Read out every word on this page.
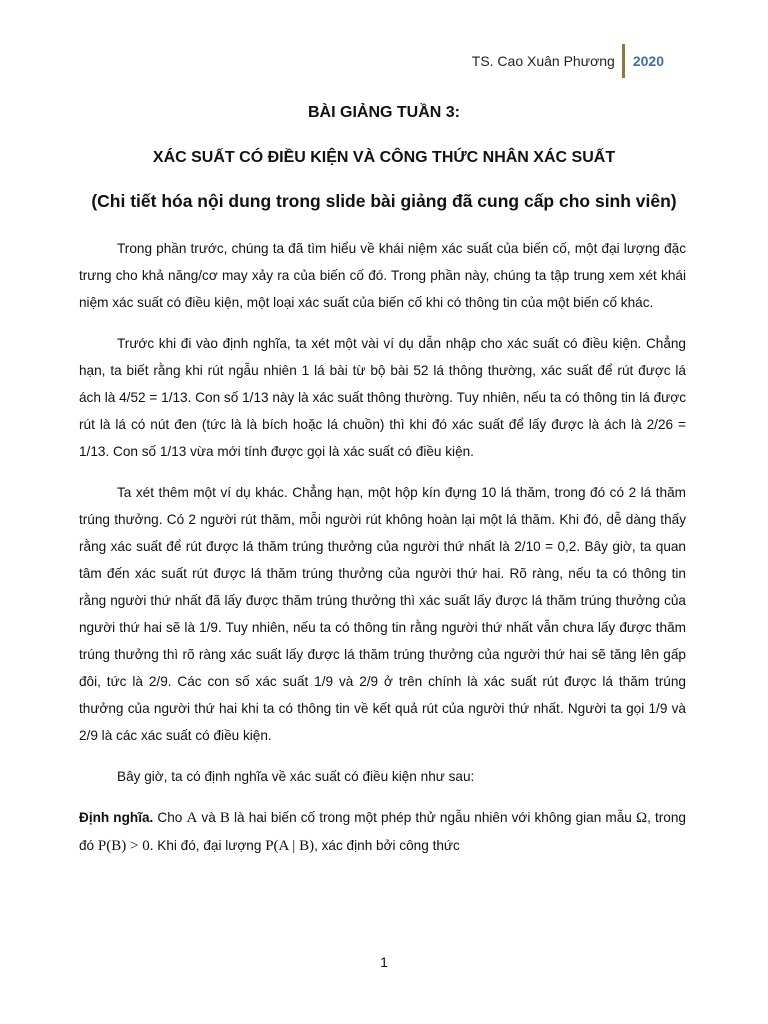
TS. Cao Xuân Phương	2020
BÀI GIẢNG TUẦN 3:
XÁC SUẤT CÓ ĐIỀU KIỆN VÀ CÔNG THỨC NHÂN XÁC SUẤT
(Chi tiết hóa nội dung trong slide bài giảng đã cung cấp cho sinh viên)

Trong phần trước, chúng ta đã tìm hiểu về khái niệm xác suất của biến cố, một đại lượng đặc trưng cho khả năng/cơ may xảy ra của biến cố đó. Trong phần này, chúng ta tập trung xem xét khái niệm xác suất có điều kiện, một loại xác suất của biến cố khi có thông tin của một biến cố khác.

Trước khi đi vào định nghĩa, ta xét một vài ví dụ dẫn nhập cho xác suất có điều kiện. Chẳng hạn, ta biết rằng khi rút ngẫu nhiên 1 lá bài từ bộ bài 52 lá thông thường, xác suất để rút được lá ách là 4/52 = 1/13. Con số 1/13 này là xác suất thông thường. Tuy nhiên, nếu ta có thông tin lá được rút là lá có nút đen (tức là là bích hoặc lá chuồn) thì khi đó xác suất để lấy được là ách là 2/26 = 1/13. Con số 1/13 vừa mới tính được gọi là xác suất có điều kiện.

Ta xét thêm một ví dụ khác. Chẳng hạn, một hộp kín đựng 10 lá thăm, trong đó có 2 lá thăm trúng thưởng. Có 2 người rút thăm, mỗi người rút không hoàn lại một lá thăm. Khi đó, dễ dàng thấy rằng xác suất để rút được lá thăm trúng thưởng của người thứ nhất là 2/10 = 0,2. Bây giờ, ta quan tâm đến xác suất rút được lá thăm trúng thưởng của người thứ hai. Rõ ràng, nếu ta có thông tin rằng người thứ nhất đã lấy được thăm trúng thưởng thì xác suất lấy được lá thăm trúng thưởng của người thứ hai sẽ là 1/9. Tuy nhiên, nếu ta có thông tin rằng người thứ nhất vẫn chưa lấy được thăm trúng thưởng thì rõ ràng xác suất lấy được lá thăm trúng thưởng của người thứ hai sẽ tăng lên gấp đôi, tức là 2/9. Các con số xác suất 1/9 và 2/9 ở trên chính là xác suất rút được lá thăm trúng thưởng của người thứ hai khi ta có thông tin về kết quả rút của người thứ nhất. Người ta gọi 1/9 và 2/9 là các xác suất có điều kiện.

Bây giờ, ta có định nghĩa về xác suất có điều kiện như sau:

Định nghĩa. Cho A và B là hai biến cố trong một phép thử ngẫu nhiên với không gian mẫu Ω, trong đó P(B) > 0. Khi đó, đại lượng P(A | B), xác định bởi công thức

1
